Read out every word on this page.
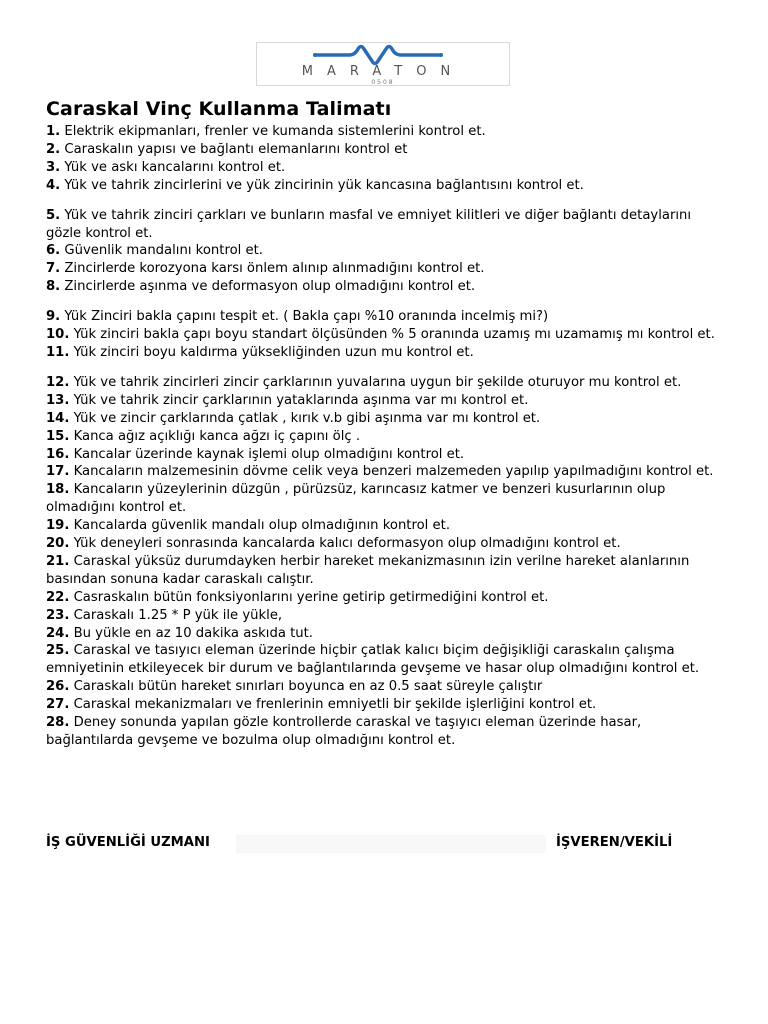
MARATON
0508
Caraskal Vinç Kullanma Talimatı
1. Elektrik ekipmanları, frenler ve kumanda sistemlerini kontrol et.
2. Caraskalın yapısı ve bağlantı elemanlarını kontrol et
3. Yük ve askı kancalarını kontrol et.
4. Yük ve tahrik zincirlerini ve yük zincirinin yük kancasına bağlantısını kontrol et.
5. Yük ve tahrik zinciri çarkları ve bunların masfal ve emniyet kilitleri ve diğer bağlantı detaylarını gözle kontrol et.
6. Güvenlik mandalını kontrol et.
7. Zincirlerde korozyona karsı önlem alınıp alınmadığını kontrol et.
8. Zincirlerde aşınma ve deformasyon olup olmadığını kontrol et.
9. Yük Zinciri bakla çapını tespit et. ( Bakla çapı %10 oranında incelmiş mi?)
10. Yük zinciri bakla çapı boyu standart ölçüsünden % 5 oranında uzamış mı uzamamış mı kontrol et.
11. Yük zinciri boyu kaldırma yüksekliğinden uzun mu kontrol et.
12. Yük ve tahrik zincirleri zincir çarklarının yuvalarına uygun bir şekilde oturuyor mu kontrol et.
13. Yük ve tahrik zincir çarklarının yataklarında aşınma var mı kontrol et.
14. Yük ve zincir çarklarında çatlak , kırık v.b gibi aşınma var mı kontrol et.
15. Kanca ağız açıklığı kanca ağzı iç çapını ölç .
16. Kancalar üzerinde kaynak işlemi olup olmadığını kontrol et.
17. Kancaların malzemesinin dövme celik veya benzeri malzemeden yapılıp yapılmadığını kontrol et.
18. Kancaların yüzeylerinin düzgün , pürüzsüz, karıncasız katmer ve benzeri kusurlarının olup olmadığını kontrol et.
19. Kancalarda güvenlik mandalı olup olmadığının kontrol et.
20. Yük deneyleri sonrasında kancalarda kalıcı deformasyon olup olmadığını kontrol et.
21. Caraskal yüksüz durumdayken herbir hareket mekanizmasının izin verilne hareket alanlarının basından sonuna kadar caraskalı calıştır.
22. Casraskalın bütün fonksiyonlarını yerine getirip getirmediğini kontrol et.
23. Caraskalı 1.25 * P yük ile yükle,
24. Bu yükle en az 10 dakika askıda tut.
25. Caraskal ve tasıyıcı eleman üzerinde hiçbir çatlak kalıcı biçim değişikliği caraskalın çalışma emniyetinin etkileyecek bir durum ve bağlantılarında gevşeme ve hasar olup olmadığını kontrol et.
26. Caraskalı bütün hareket sınırları boyunca en az 0.5 saat süreyle çalıştır
27. Caraskal mekanizmaları ve frenlerinin emniyetli bir şekilde işlerliğini kontrol et.
28. Deney sonunda yapılan gözle kontrollerde caraskal ve taşıyıcı eleman üzerinde hasar, bağlantılarda gevşeme ve bozulma olup olmadığını kontrol et.
İŞ GÜVENLİĞİ UZMANI	İŞVEREN/VEKİLİ
